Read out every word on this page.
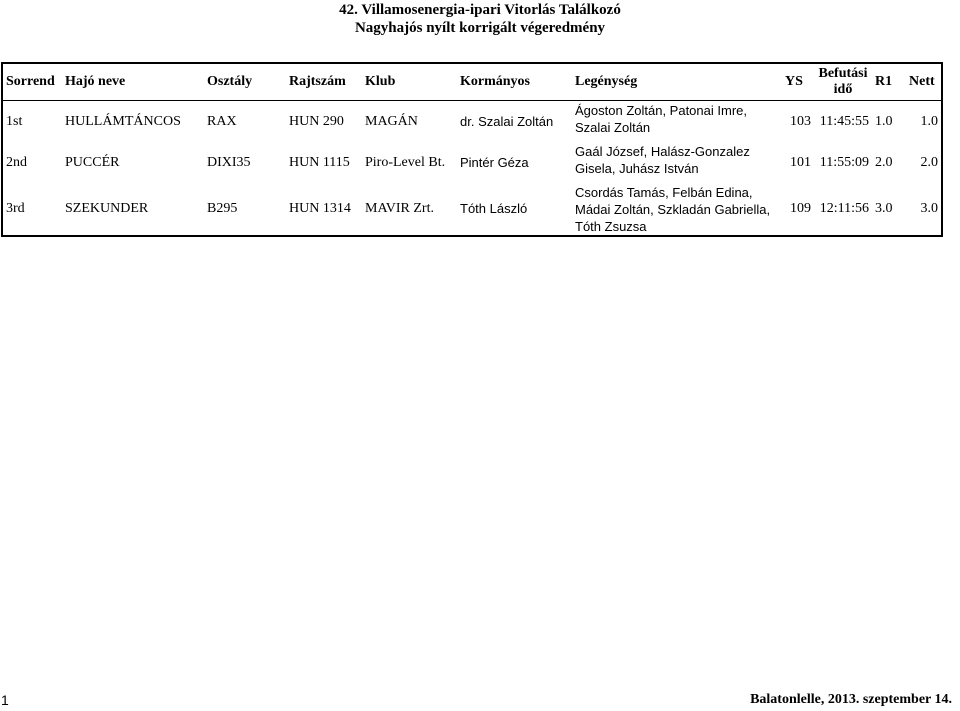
42. Villamosenergia-ipari Vitorlás Találkozó
Nagyhajós nyílt korrigált végeredmény
Sorrend	Hajó neve	Osztály	Rajtszám	Klub	Kormányos	Legénység	YS	Befutási idő	R1	Nett
1st	HULLÁMTÁNCOS	RAX	HUN 290	MAGÁN	dr. Szalai Zoltán	Ágoston Zoltán, Patonai Imre, Szalai Zoltán	103	11:45:55	1.0	1.0
2nd	PUCCÉR	DIXI35	HUN 1115	Piro-Level Bt.	Pintér Géza	Gaál József, Halász-Gonzalez Gisela, Juhász István	101	11:55:09	2.0	2.0
3rd	SZEKUNDER	B295	HUN 1314	MAVIR Zrt.	Tóth László	Csordás Tamás, Felbán Edina, Mádai Zoltán, Szkladán Gabriella, Tóth Zsuzsa	109	12:11:56	3.0	3.0
1	Balatonlelle, 2013. szeptember 14.
